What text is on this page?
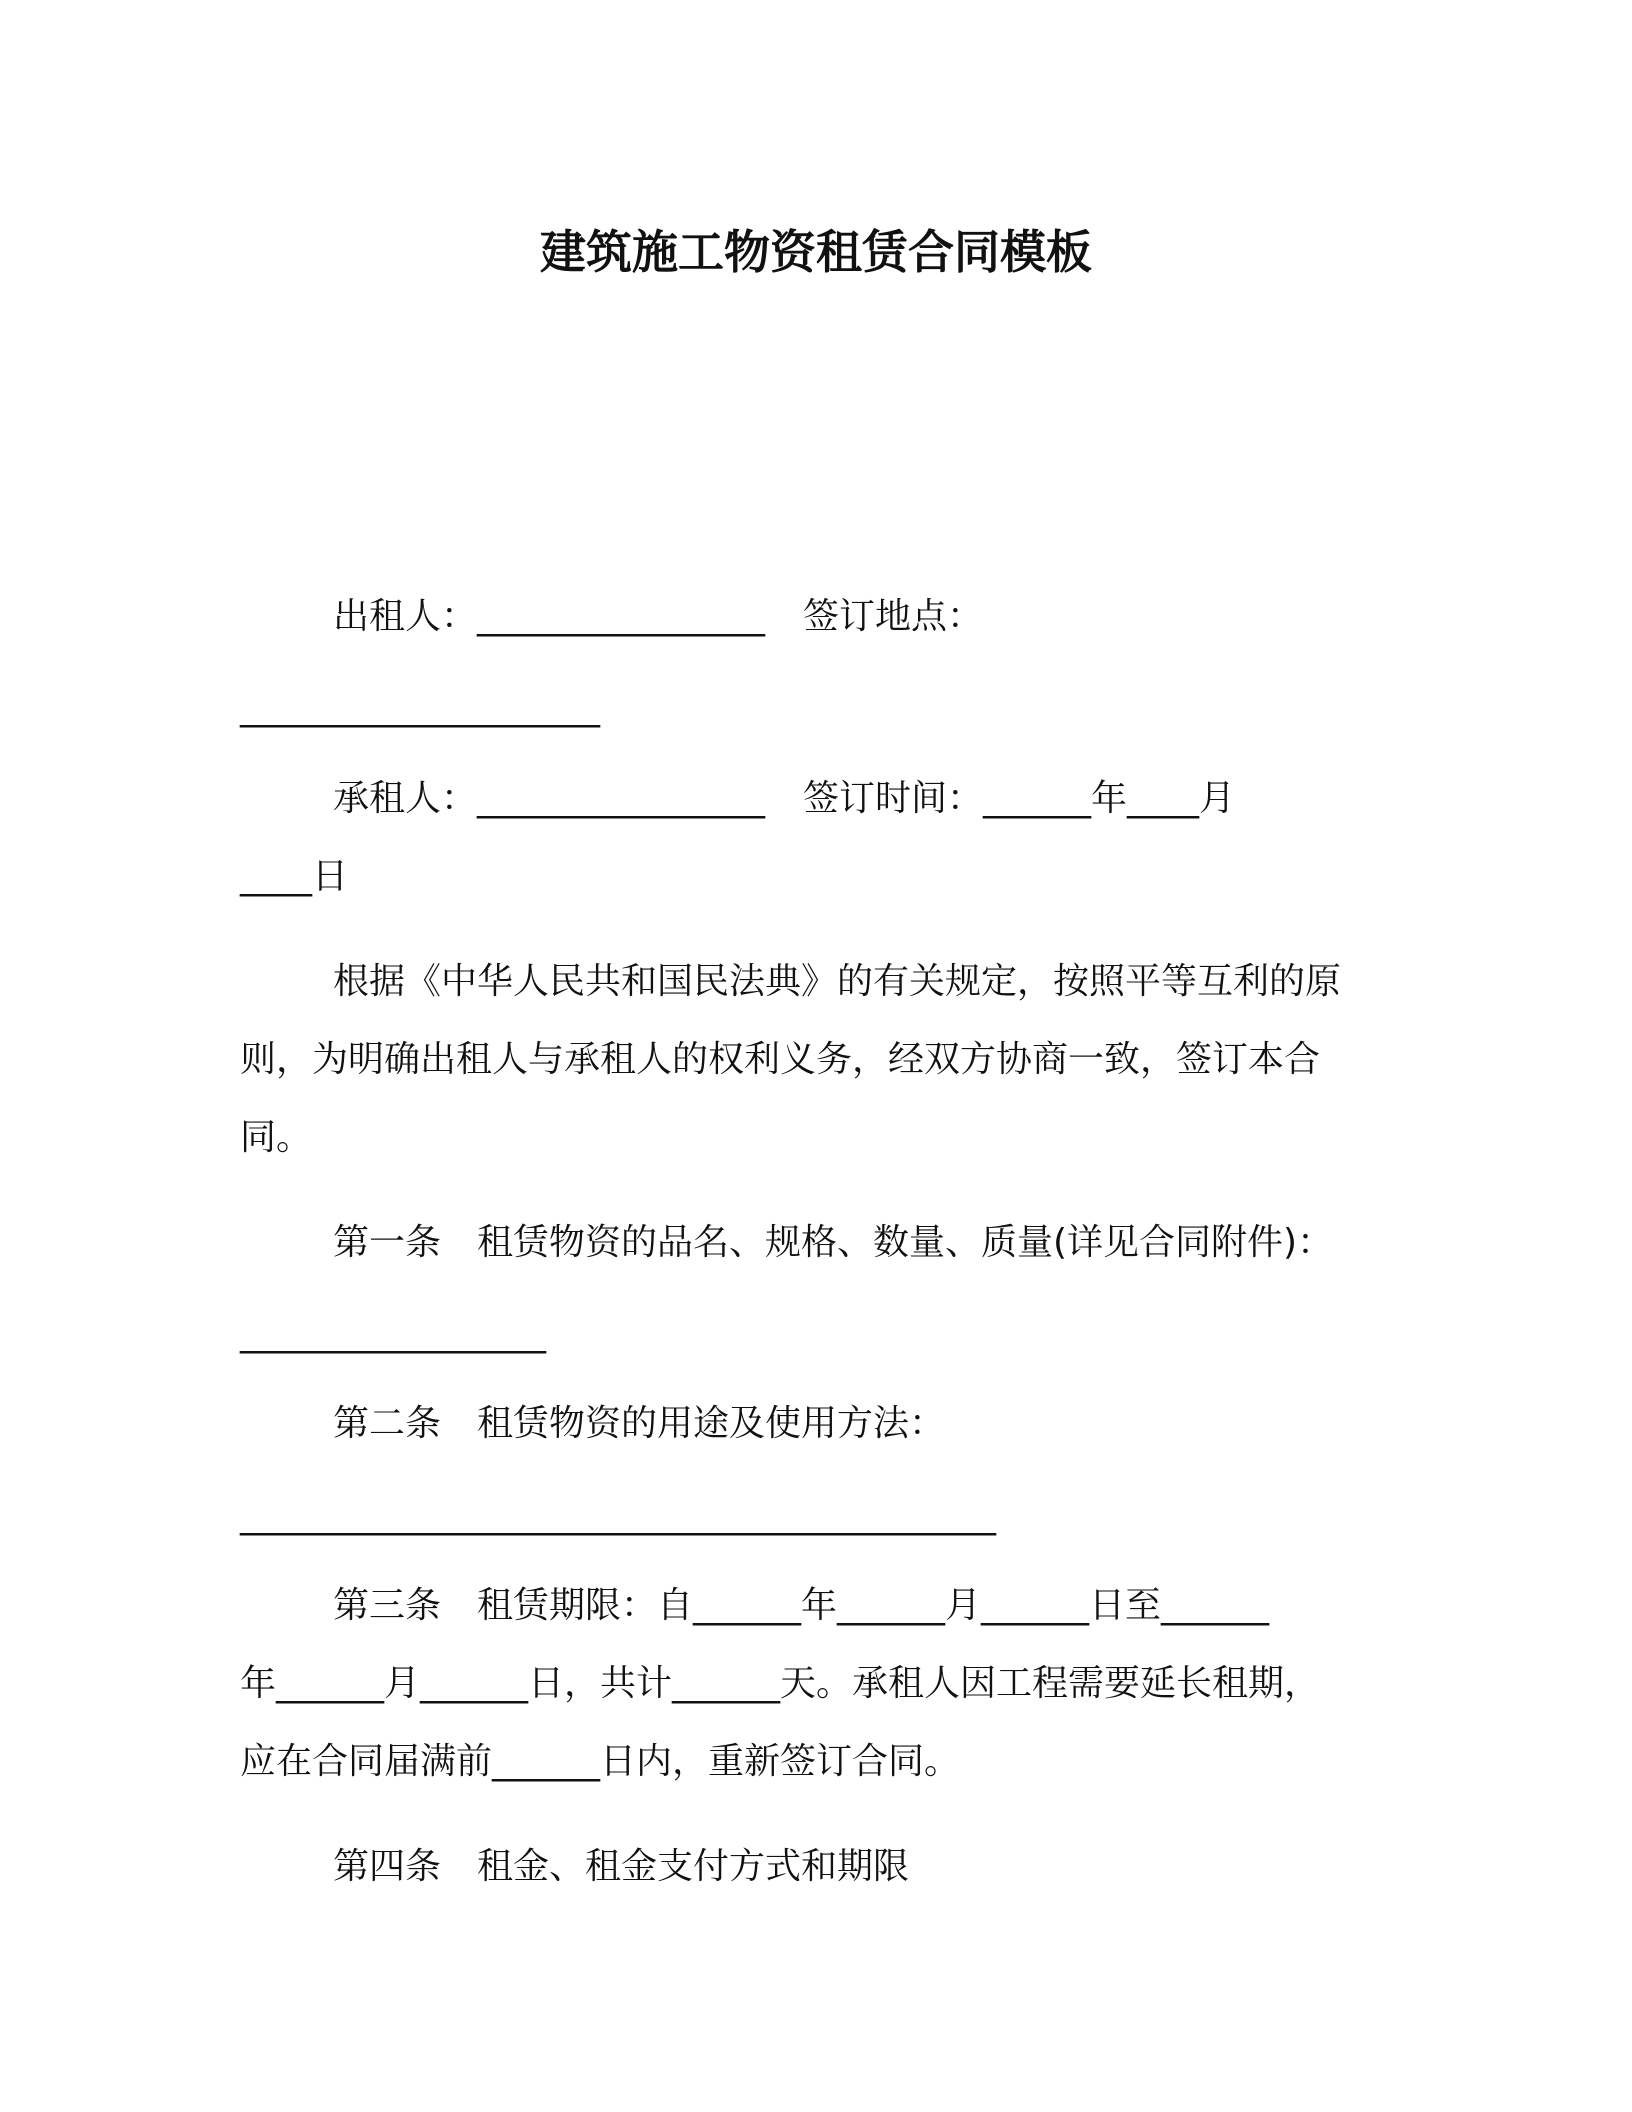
建筑施工物资租赁合同模板
出租人：________________ 签订地点：
____________________
承租人：________________ 签订时间：______年____月
____日
根据《中华人民共和国民法典》的有关规定，按照平等互利的原
则，为明确出租人与承租人的权利义务，经双方协商一致，签订本合
同。
第一条　租赁物资的品名、规格、数量、质量(详见合同附件)：
_________________
第二条　租赁物资的用途及使用方法：
__________________________________________
第三条　租赁期限：自______年______月______日至______
年______月______日，共计______天。承租人因工程需要延长租期，
应在合同届满前______日内，重新签订合同。
第四条　租金、租金支付方式和期限
